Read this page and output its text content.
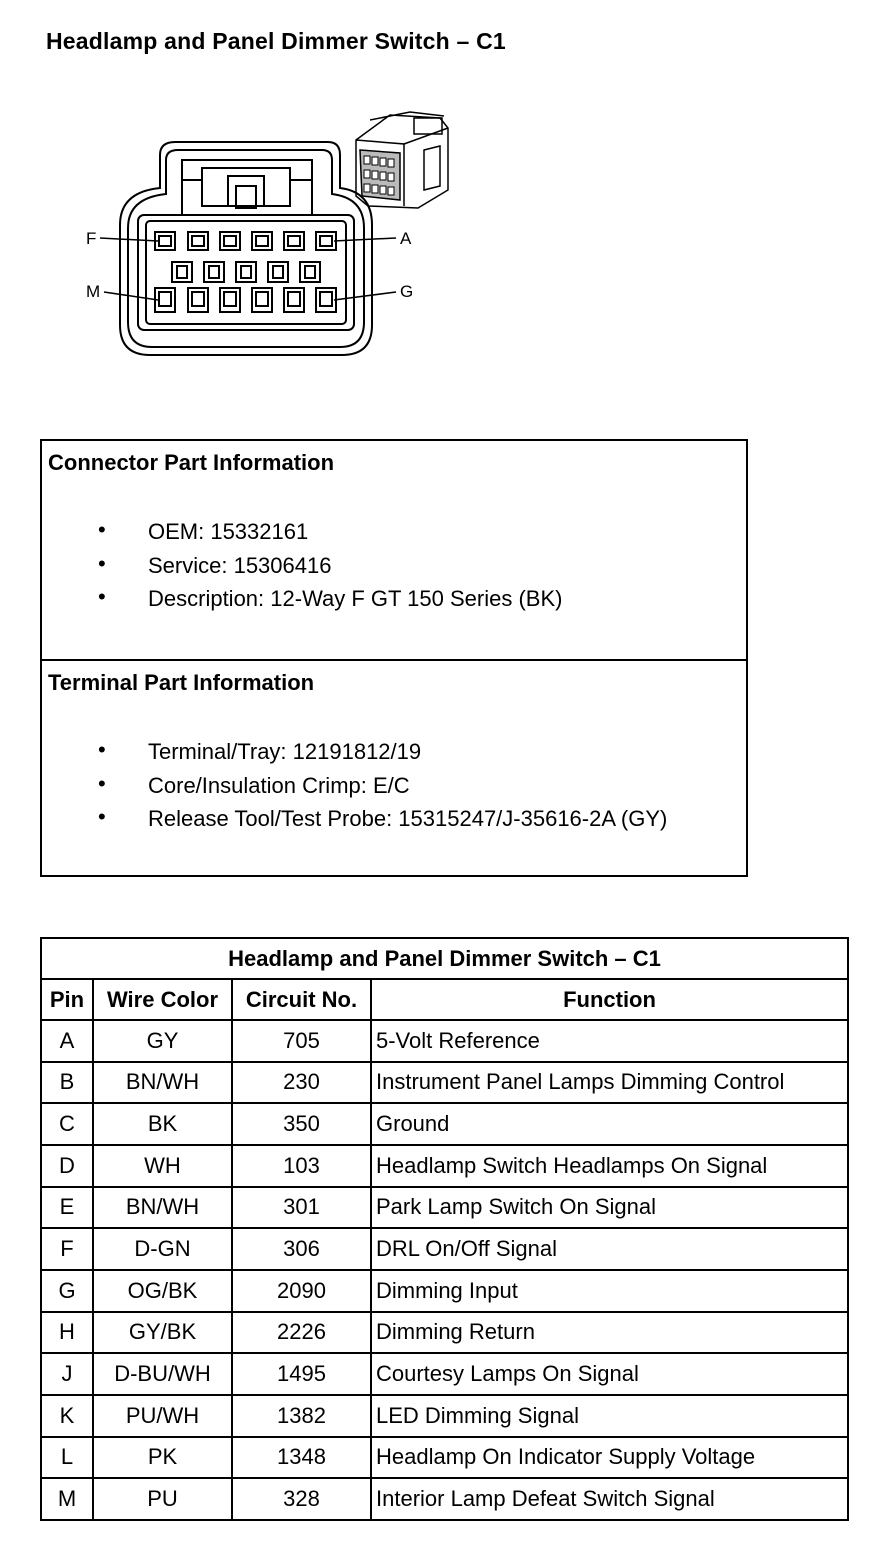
Headlamp and Panel Dimmer Switch – C1
F	A
M	G
Connector Part Information
• OEM: 15332161
• Service: 15306416
• Description: 12-Way F GT 150 Series (BK)
Terminal Part Information
• Terminal/Tray: 12191812/19
• Core/Insulation Crimp: E/C
• Release Tool/Test Probe: 15315247/J-35616-2A (GY)
Headlamp and Panel Dimmer Switch – C1			
Pin	Wire Color	Circuit No.	Function
A	GY	705	5-Volt Reference
B	BN/WH	230	Instrument Panel Lamps Dimming Control
C	BK	350	Ground
D	WH	103	Headlamp Switch Headlamps On Signal
E	BN/WH	301	Park Lamp Switch On Signal
F	D-GN	306	DRL On/Off Signal
G	OG/BK	2090	Dimming Input
H	GY/BK	2226	Dimming Return
J	D-BU/WH	1495	Courtesy Lamps On Signal
K	PU/WH	1382	LED Dimming Signal
L	PK	1348	Headlamp On Indicator Supply Voltage
M	PU	328	Interior Lamp Defeat Switch Signal
